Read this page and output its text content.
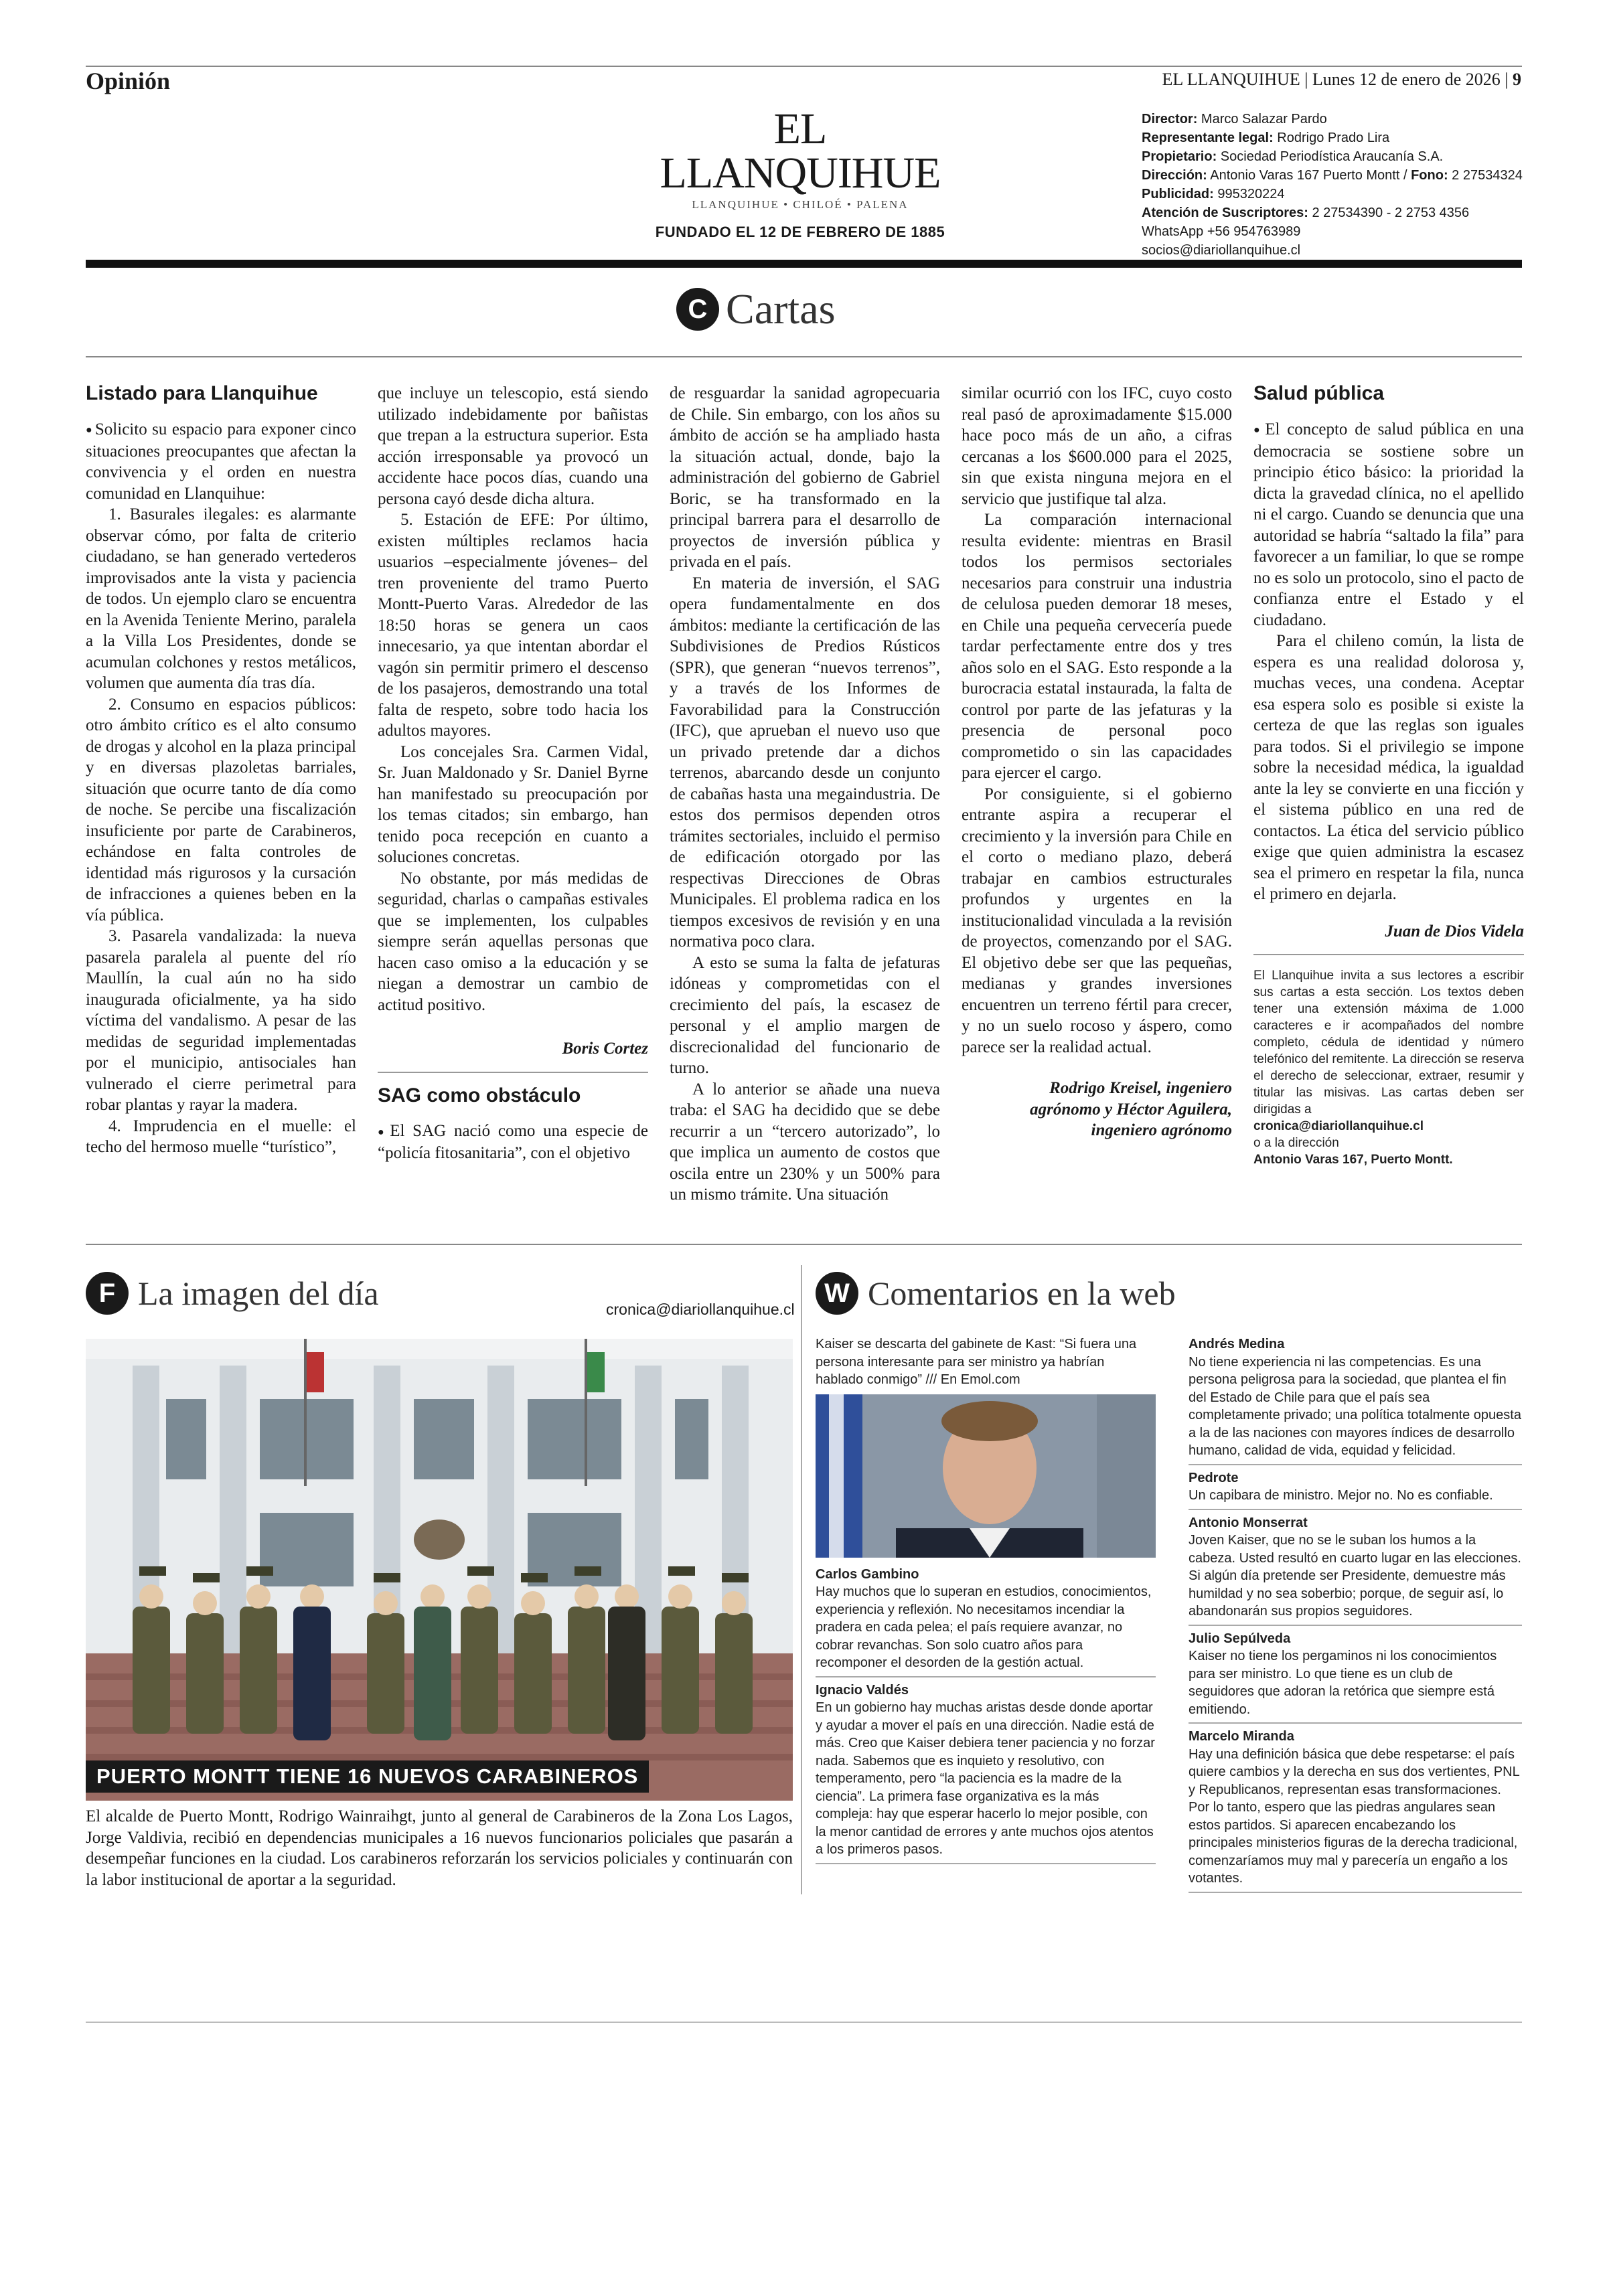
Opinión	EL LLANQUIHUE | Lunes 12 de enero de 2026 | 9
EL LLANQUIHUE
LLANQUIHUE • CHILOÉ • PALENA
FUNDADO EL 12 DE FEBRERO DE 1885
Director: Marco Salazar Pardo
Representante legal: Rodrigo Prado Lira
Propietario: Sociedad Periodística Araucanía S.A.
Dirección: Antonio Varas 167 Puerto Montt / Fono: 2 27534324
Publicidad: 995320224
Atención de Suscriptores: 2 27534390 - 2 2753 4356
WhatsApp +56 954763989
socios@diariollanquihue.cl
C Cartas
Listado para Llanquihue

● Solicito su espacio para exponer cinco situaciones preocupantes que afectan la convivencia y el orden en nuestra comunidad en Llanquihue:

1. Basurales ilegales: es alarmante observar cómo, por falta de criterio ciudadano, se han generado vertederos improvisados ante la vista y paciencia de todos. Un ejemplo claro se encuentra en la Avenida Teniente Merino, paralela a la Villa Los Presidentes, donde se acumulan colchones y restos metálicos, volumen que aumenta día tras día.

2. Consumo en espacios públicos: otro ámbito crítico es el alto consumo de drogas y alcohol en la plaza principal y en diversas plazoletas barriales, situación que ocurre tanto de día como de noche. Se percibe una fiscalización insuficiente por parte de Carabineros, echándose en falta controles de identidad más rigurosos y la cursación de infracciones a quienes beben en la vía pública.

3. Pasarela vandalizada: la nueva pasarela paralela al puente del río Maullín, la cual aún no ha sido inaugurada oficialmente, ya ha sido víctima del vandalismo. A pesar de las medidas de seguridad implementadas por el municipio, antisociales han vulnerado el cierre perimetral para robar plantas y rayar la madera.

4. Imprudencia en el muelle: el techo del hermoso muelle “turístico”,

que incluye un telescopio, está siendo utilizado indebidamente por bañistas que trepan a la estructura superior. Esta acción irresponsable ya provocó un accidente hace pocos días, cuando una persona cayó desde dicha altura.

5. Estación de EFE: Por último, existen múltiples reclamos hacia usuarios –especialmente jóvenes– del tren proveniente del tramo Puerto Montt-Puerto Varas. Alrededor de las 18:50 horas se genera un caos innecesario, ya que intentan abordar el vagón sin permitir primero el descenso de los pasajeros, demostrando una total falta de respeto, sobre todo hacia los adultos mayores.

Los concejales Sra. Carmen Vidal, Sr. Juan Maldonado y Sr. Daniel Byrne han manifestado su preocupación por los temas citados; sin embargo, han tenido poca recepción en cuanto a soluciones concretas.

No obstante, por más medidas de seguridad, charlas o campañas estivales que se implementen, los culpables siempre serán aquellas personas que hacen caso omiso a la educación y se niegan a demostrar un cambio de actitud positivo.

Boris Cortez
SAG como obstáculo

● El SAG nació como una especie de “policía fitosanitaria”, con el objetivo

de resguardar la sanidad agropecuaria de Chile. Sin embargo, con los años su ámbito de acción se ha ampliado hasta la situación actual, donde, bajo la administración del gobierno de Gabriel Boric, se ha transformado en la principal barrera para el desarrollo de proyectos de inversión pública y privada en el país.

En materia de inversión, el SAG opera fundamentalmente en dos ámbitos: mediante la certificación de las Subdivisiones de Predios Rústicos (SPR), que generan “nuevos terrenos”, y a través de los Informes de Favorabilidad para la Construcción (IFC), que aprueban el nuevo uso que un privado pretende dar a dichos terrenos, abarcando desde un conjunto de cabañas hasta una megaindustria. De estos dos permisos dependen otros trámites sectoriales, incluido el permiso de edificación otorgado por las respectivas Direcciones de Obras Municipales. El problema radica en los tiempos excesivos de revisión y en una normativa poco clara.

A esto se suma la falta de jefaturas idóneas y comprometidas con el crecimiento del país, la escasez de personal y el amplio margen de discrecionalidad del funcionario de turno.

A lo anterior se añade una nueva traba: el SAG ha decidido que se debe recurrir a un “tercero autorizado”, lo que implica un aumento de costos que oscila entre un 230% y un 500% para un mismo trámite. Una situación

similar ocurrió con los IFC, cuyo costo real pasó de aproximadamente $15.000 hace poco más de un año, a cifras cercanas a los $600.000 para el 2025, sin que exista ninguna mejora en el servicio que justifique tal alza.

La comparación internacional resulta evidente: mientras en Brasil todos los permisos sectoriales necesarios para construir una industria de celulosa pueden demorar 18 meses, en Chile una pequeña cervecería puede tardar perfectamente entre dos y tres años solo en el SAG. Esto responde a la burocracia estatal instaurada, la falta de control por parte de las jefaturas y la presencia de personal poco comprometido o sin las capacidades para ejercer el cargo.

Por consiguiente, si el gobierno entrante aspira a recuperar el crecimiento y la inversión para Chile en el corto o mediano plazo, deberá trabajar en cambios estructurales profundos y urgentes en la institucionalidad vinculada a la revisión de proyectos, comenzando por el SAG. El objetivo debe ser que las pequeñas, medianas y grandes inversiones encuentren un terreno fértil para crecer, y no un suelo rocoso y áspero, como parece ser la realidad actual.

Rodrigo Kreisel, ingeniero
agrónomo y Héctor Aguilera,
ingeniero agrónomo
Salud pública

● El concepto de salud pública en una democracia se sostiene sobre un principio ético básico: la prioridad la dicta la gravedad clínica, no el apellido ni el cargo. Cuando se denuncia que una autoridad se habría “saltado la fila” para favorecer a un familiar, lo que se rompe no es solo un protocolo, sino el pacto de confianza entre el Estado y el ciudadano.

Para el chileno común, la lista de espera es una realidad dolorosa y, muchas veces, una condena. Aceptar esa espera solo es posible si existe la certeza de que las reglas son iguales para todos. Si el privilegio se impone sobre la necesidad médica, la igualdad ante la ley se convierte en una ficción y el sistema público en una red de contactos. La ética del servicio público exige que quien administra la escasez sea el primero en respetar la fila, nunca el primero en dejarla.

Juan de Dios Videla
El Llanquihue invita a sus lectores a escribir sus cartas a esta sección. Los textos deben tener una extensión máxima de 1.000 caracteres e ir acompañados del nombre completo, cédula de identidad y número telefónico del remitente. La dirección se reserva el derecho de seleccionar, extraer, resumir y titular las misivas. Las cartas deben ser dirigidas a
cronica@diariollanquihue.cl
o a la dirección
Antonio Varas 167, Puerto Montt.
F La imagen del día	cronica@diariollanquihue.cl
PUERTO MONTT TIENE 16 NUEVOS CARABINEROS
El alcalde de Puerto Montt, Rodrigo Wainraihgt, junto al general de Carabineros de la Zona Los Lagos, Jorge Valdivia, recibió en dependencias municipales a 16 nuevos funcionarios policiales que pasarán a desempeñar funciones en la ciudad. Los carabineros reforzarán los servicios policiales y continuarán con la labor institucional de aportar a la seguridad.
W Comentarios en la web
Kaiser se descarta del gabinete de Kast: “Si fuera una persona interesante para ser ministro ya habrían hablado conmigo” /// En Emol.com
Carlos Gambino
Hay muchos que lo superan en estudios, conocimientos, experiencia y reflexión. No necesitamos incendiar la pradera en cada pelea; el país requiere avanzar, no cobrar revanchas. Son solo cuatro años para recomponer el desorden de la gestión actual.
Ignacio Valdés
En un gobierno hay muchas aristas desde donde aportar y ayudar a mover el país en una dirección. Nadie está de más. Creo que Kaiser debiera tener paciencia y no forzar nada. Sabemos que es inquieto y resolutivo, con temperamento, pero “la paciencia es la madre de la ciencia”. La primera fase organizativa es la más compleja: hay que esperar hacerlo lo mejor posible, con la menor cantidad de errores y ante muchos ojos atentos a los primeros pasos.
Andrés Medina
No tiene experiencia ni las competencias. Es una persona peligrosa para la sociedad, que plantea el fin del Estado de Chile para que el país sea completamente privado; una política totalmente opuesta a la de las naciones con mayores índices de desarrollo humano, calidad de vida, equidad y felicidad.
Pedrote
Un capibara de ministro. Mejor no. No es confiable.
Antonio Monserrat
Joven Kaiser, que no se le suban los humos a la cabeza. Usted resultó en cuarto lugar en las elecciones. Si algún día pretende ser Presidente, demuestre más humildad y no sea soberbio; porque, de seguir así, lo abandonarán sus propios seguidores.
Julio Sepúlveda
Kaiser no tiene los pergaminos ni los conocimientos para ser ministro. Lo que tiene es un club de seguidores que adoran la retórica que siempre está emitiendo.
Marcelo Miranda
Hay una definición básica que debe respetarse: el país quiere cambios y la derecha en sus dos vertientes, PNL y Republicanos, representan esas transformaciones. Por lo tanto, espero que las piedras angulares sean estos partidos. Si aparecen encabezando los principales ministerios figuras de la derecha tradicional, comenzaríamos muy mal y parecería un engaño a los votantes.
